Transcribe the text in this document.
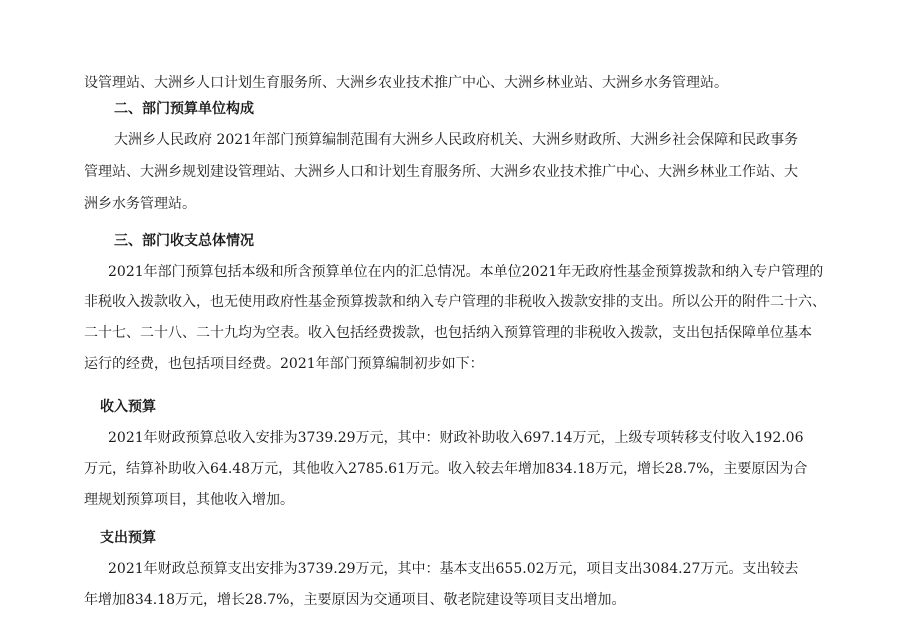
设管理站、大洲乡人口计划生育服务所、大洲乡农业技术推广中心、大洲乡林业站、大洲乡水务管理站。
二、部门预算单位构成
大洲乡人民政府 2021年部门预算编制范围有大洲乡人民政府机关、大洲乡财政所、大洲乡社会保障和民政事务
管理站、大洲乡规划建设管理站、大洲乡人口和计划生育服务所、大洲乡农业技术推广中心、大洲乡林业工作站、大
洲乡水务管理站。
三、部门收支总体情况
2021年部门预算包括本级和所含预算单位在内的汇总情况。本单位2021年无政府性基金预算拨款和纳入专户管理的
非税收入拨款收入，也无使用政府性基金预算拨款和纳入专户管理的非税收入拨款安排的支出。所以公开的附件二十六、
二十七、二十八、二十九均为空表。收入包括经费拨款，也包括纳入预算管理的非税收入拨款，支出包括保障单位基本
运行的经费，也包括项目经费。2021年部门预算编制初步如下：
收入预算
2021年财政预算总收入安排为3739.29万元，其中：财政补助收入697.14万元，上级专项转移支付收入192.06
万元，结算补助收入64.48万元，其他收入2785.61万元。收入较去年增加834.18万元，增长28.7%，主要原因为合
理规划预算项目，其他收入增加。
支出预算
2021年财政总预算支出安排为3739.29万元，其中：基本支出655.02万元，项目支出3084.27万元。支出较去
年增加834.18万元，增长28.7%，主要原因为交通项目、敬老院建设等项目支出增加。
